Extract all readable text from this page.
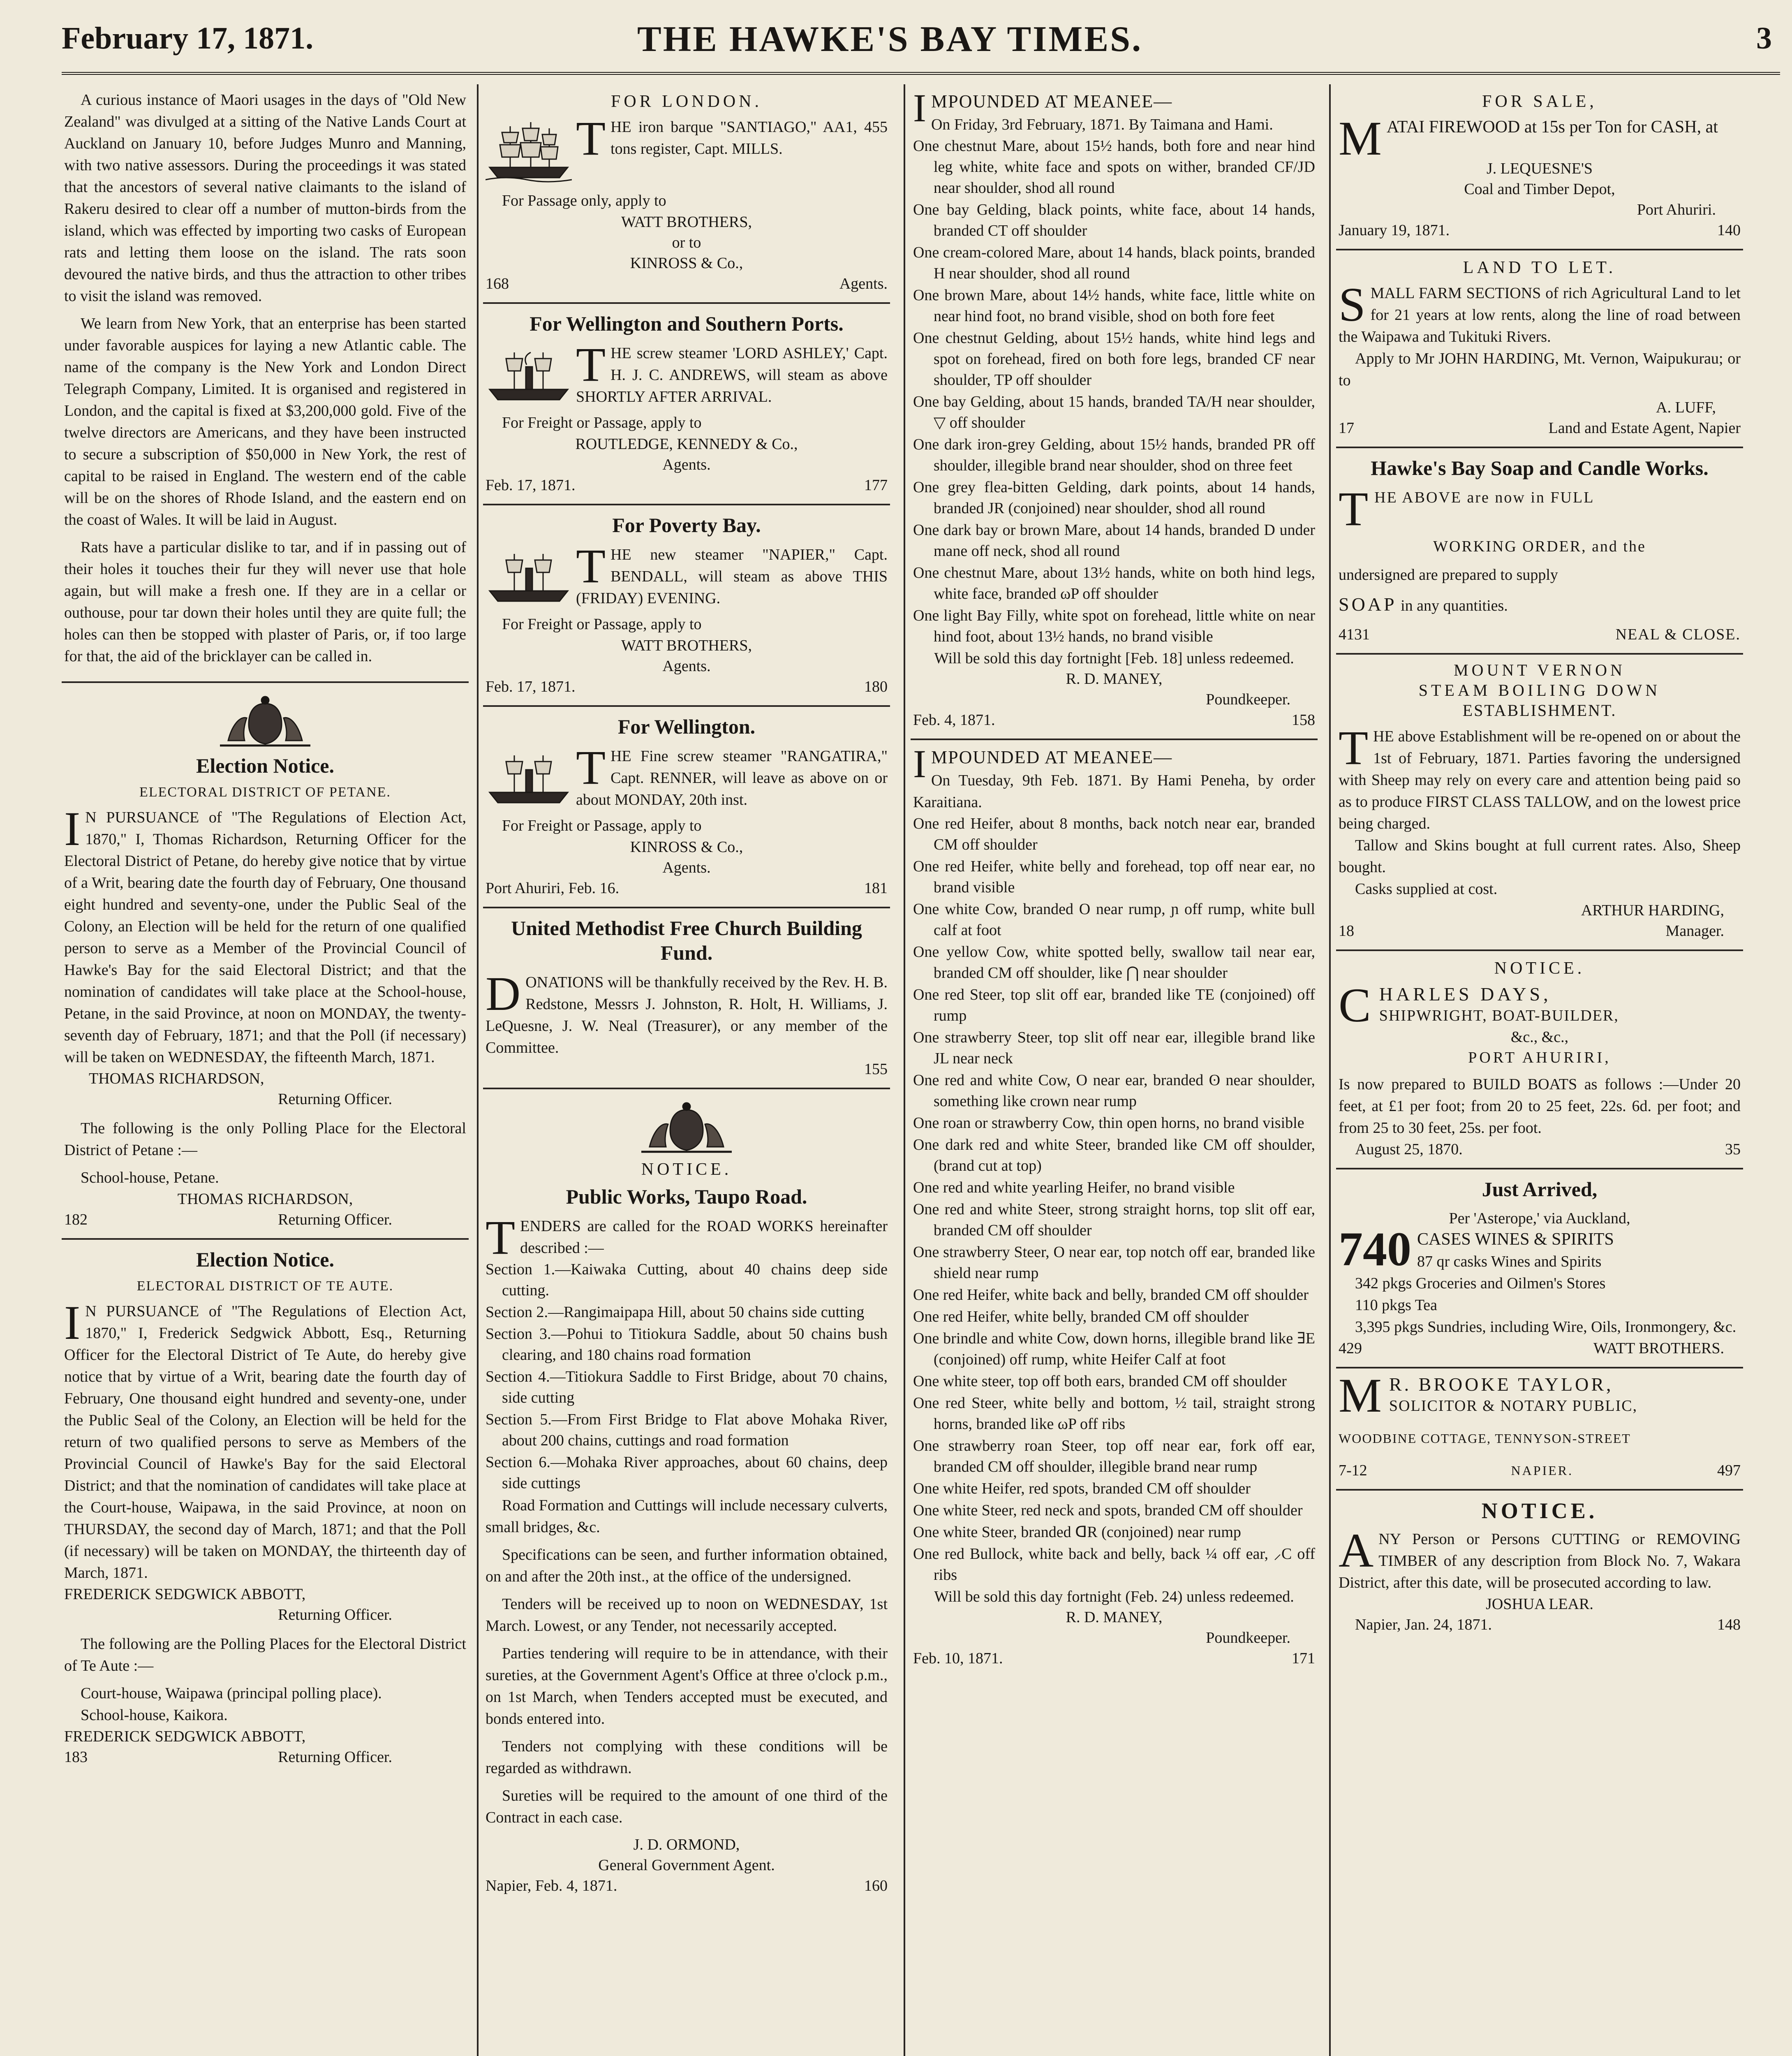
February 17, 1871.	THE HAWKE'S BAY TIMES.	3

A curious instance of Maori usages in the days of "Old New Zealand" was divulged at a sitting of the Native Lands Court at Auckland on January 10, before Judges Munro and Manning, with two native assessors. During the proceedings it was stated that the ancestors of several native claimants to the island of Rakeru desired to clear off a number of mutton-birds from the island, which was effected by importing two casks of European rats and letting them loose on the island. The rats soon devoured the native birds, and thus the attraction to other tribes to visit the island was removed.

We learn from New York, that an enterprise has been started under favorable auspices for laying a new Atlantic cable. The name of the company is the New York and London Direct Telegraph Company, Limited. It is organised and registered in London, and the capital is fixed at $3,200,000 gold. Five of the twelve directors are Americans, and they have been instructed to secure a subscription of $50,000 in New York, the rest of capital to be raised in England. The western end of the cable will be on the shores of Rhode Island, and the eastern end on the coast of Wales. It will be laid in August.

Rats have a particular dislike to tar, and if in passing out of their holes it touches their fur they will never use that hole again, but will make a fresh one. If they are in a cellar or outhouse, pour tar down their holes until they are quite full; the holes can then be stopped with plaster of Paris, or, if too large for that, the aid of the bricklayer can be called in.

Election Notice.
ELECTORAL DISTRICT OF PETANE.
I N PURSUANCE of "The Regulations of Election Act, 1870," I, Thomas Richardson, Returning Officer for the Electoral District of Petane, do hereby give notice that by virtue of a Writ, bearing date the fourth day of February, One thousand eight hundred and seventy-one, under the Public Seal of the Colony, an Election will be held for the return of one qualified person to serve as a Member of the Provincial Council of Hawke's Bay for the said Electoral District; and that the nomination of candidates will take place at the School-house, Petane, in the said Province, at noon on MONDAY, the twenty-seventh day of February, 1871; and that the Poll (if necessary) will be taken on WEDNESDAY, the fifteenth March, 1871.
THOMAS RICHARDSON,
Returning Officer.
The following is the only Polling Place for the Electoral District of Petane :—
School-house, Petane.
THOMAS RICHARDSON,
182	Returning Officer.
Election Notice.
ELECTORAL DISTRICT OF TE AUTE.
I N PURSUANCE of "The Regulations of Election Act, 1870," I, Frederick Sedgwick Abbott, Esq., Returning Officer for the Electoral District of Te Aute, do hereby give notice that by virtue of a Writ, bearing date the fourth day of February, One thousand eight hundred and seventy-one, under the Public Seal of the Colony, an Election will be held for the return of two qualified persons to serve as Members of the Provincial Council of Hawke's Bay for the said Electoral District; and that the nomination of candidates will take place at the Court-house, Waipawa, in the said Province, at noon on THURSDAY, the second day of March, 1871; and that the Poll (if necessary) will be taken on MONDAY, the thirteenth day of March, 1871.
FREDERICK SEDGWICK ABBOTT,
Returning Officer.
The following are the Polling Places for the Electoral District of Te Aute :—
Court-house, Waipawa (principal polling place).
School-house, Kaikora.
FREDERICK SEDGWICK ABBOTT,
183	Returning Officer.
FOR LONDON.
THE iron barque "SANTIAGO," AA1, 455 tons register, Capt. MILLS.
For Passage only, apply to
WATT BROTHERS,
or to
KINROSS & Co.,
168	Agents.
For Wellington and Southern Ports.
THE screw steamer 'LORD ASHLEY,' Capt. H. J. C. ANDREWS, will steam as above SHORTLY AFTER ARRIVAL.
For Freight or Passage, apply to
ROUTLEDGE, KENNEDY & Co.,
Agents.
Feb. 17, 1871.	177
For Poverty Bay.
THE new steamer "NAPIER," Capt. BENDALL, will steam as above THIS (FRIDAY) EVENING.
For Freight or Passage, apply to
WATT BROTHERS,
Agents.
Feb. 17, 1871.	180
For Wellington.
THE Fine screw steamer "RANGATIRA," Capt. RENNER, will leave as above on or about MONDAY, 20th inst.
For Freight or Passage, apply to
KINROSS & Co.,
Agents.
Port Ahuriri, Feb. 16.	181
United Methodist Free Church Building Fund.
DONATIONS will be thankfully received by the Rev. H. B. Redstone, Messrs J. Johnston, R. Holt, H. Williams, J. LeQuesne, J. W. Neal (Treasurer), or any member of the Committee.
155
NOTICE.
Public Works, Taupo Road.
TENDERS are called for the ROAD WORKS hereinafter described :—
Section 1.—Kaiwaka Cutting, about 40 chains deep side cutting.
Section 2.—Rangimaipapa Hill, about 50 chains side cutting
Section 3.—Pohui to Titiokura Saddle, about 50 chains bush clearing, and 180 chains road formation
Section 4.—Titiokura Saddle to First Bridge, about 70 chains, side cutting
Section 5.—From First Bridge to Flat above Mohaka River, about 200 chains, cuttings and road formation
Section 6.—Mohaka River approaches, about 60 chains, deep side cuttings

Road Formation and Cuttings will include necessary culverts, small bridges, &c.

Specifications can be seen, and further information obtained, on and after the 20th inst., at the office of the undersigned.

Tenders will be received up to noon on WEDNESDAY, 1st March. Lowest, or any Tender, not necessarily accepted.

Parties tendering will require to be in attendance, with their sureties, at the Government Agent's Office at three o'clock p.m., on 1st March, when Tenders accepted must be executed, and bonds entered into.

Tenders not complying with these conditions will be regarded as withdrawn.

Sureties will be required to the amount of one third of the Contract in each case.

J. D. ORMOND,
General Government Agent.
Napier, Feb. 4, 1871.	160
IMPOUNDED AT MEANEE—
On Friday, 3rd February, 1871. By Taimana and Hami.
One chestnut Mare, about 15½ hands, both fore and near hind leg white, white face and spots on wither, branded CF/JD near shoulder, shod all round
One bay Gelding, black points, white face, about 14 hands, branded CT off shoulder
One cream-colored Mare, about 14 hands, black points, branded H near shoulder, shod all round
One brown Mare, about 14½ hands, white face, little white on near hind foot, no brand visible, shod on both fore feet
One chestnut Gelding, about 15½ hands, white hind legs and spot on forehead, fired on both fore legs, branded CF near shoulder, TP off shoulder
One bay Gelding, about 15 hands, branded TA/H near shoulder, ▽ off shoulder
One dark iron-grey Gelding, about 15½ hands, branded PR off shoulder, illegible brand near shoulder, shod on three feet
One grey flea-bitten Gelding, dark points, about 14 hands, branded JR (conjoined) near shoulder, shod all round
One dark bay or brown Mare, about 14 hands, branded D under mane off neck, shod all round
One chestnut Mare, about 13½ hands, white on both hind legs, white face, branded ωP off shoulder
One light Bay Filly, white spot on forehead, little white on near hind foot, about 13½ hands, no brand visible
Will be sold this day fortnight [Feb. 18] unless redeemed.
R. D. MANEY,
Poundkeeper.
Feb. 4, 1871.	158
IMPOUNDED AT MEANEE—
On Tuesday, 9th Feb. 1871. By Hami Peneha, by order Karaitiana.
One red Heifer, about 8 months, back notch near ear, branded CM off shoulder
One red Heifer, white belly and forehead, top off near ear, no brand visible
One white Cow, branded O near rump, ɲ off rump, white bull calf at foot
One yellow Cow, white spotted belly, swallow tail near ear, branded CM off shoulder, like ⋂ near shoulder
One red Steer, top slit off ear, branded like TE (conjoined) off rump
One strawberry Steer, top slit off near ear, illegible brand like JL near neck
One red and white Cow, O near ear, branded ʘ near shoulder, something like crown near rump
One roan or strawberry Cow, thin open horns, no brand visible
One dark red and white Steer, branded like CM off shoulder, (brand cut at top)
One red and white yearling Heifer, no brand visible
One red and white Steer, strong straight horns, top slit off ear, branded CM off shoulder
One strawberry Steer, O near ear, top notch off ear, branded like shield near rump
One red Heifer, white back and belly, branded CM off shoulder
One red Heifer, white belly, branded CM off shoulder
One brindle and white Cow, down horns, illegible brand like ∃E (conjoined) off rump, white Heifer Calf at foot
One white steer, top off both ears, branded CM off shoulder
One red Steer, white belly and bottom, ½ tail, straight strong horns, branded like ωP off ribs
One strawberry roan Steer, top off near ear, fork off ear, branded CM off shoulder, illegible brand near rump
One white Heifer, red spots, branded CM off shoulder
One white Steer, red neck and spots, branded CM off shoulder
One white Steer, branded ᗡR (conjoined) near rump
One red Bullock, white back and belly, back ¼ off ear, ⸝C off ribs
Will be sold this day fortnight (Feb. 24) unless redeemed.
R. D. MANEY,
Poundkeeper.
Feb. 10, 1871.	171
FOR SALE,
MATAI FIREWOOD at 15s per Ton for CASH, at
J. LEQUESNE'S
Coal and Timber Depot,
Port Ahuriri.
January 19, 1871.	140
LAND TO LET.
SMALL FARM SECTIONS of rich Agricultural Land to let for 21 years at low rents, along the line of road between the Waipawa and Tukituki Rivers.

Apply to Mr JOHN HARDING, Mt. Vernon, Waipukurau; or to

A. LUFF,
17	Land and Estate Agent, Napier
Hawke's Bay Soap and Candle Works.
THE ABOVE are now in FULL
WORKING ORDER, and the
undersigned are prepared to supply
SOAP in any quantities.
4131	NEAL & CLOSE.
MOUNT VERNON
STEAM BOILING DOWN
ESTABLISHMENT.
THE above Establishment will be re-opened on or about the 1st of February, 1871. Parties favoring the undersigned with Sheep may rely on every care and attention being paid so as to produce FIRST CLASS TALLOW, and on the lowest price being charged.

Tallow and Skins bought at full current rates. Also, Sheep bought.

Casks supplied at cost.

ARTHUR HARDING,
18	Manager.
NOTICE.
CHARLES DAYS,
SHIPWRIGHT, BOAT-BUILDER,
&c., &c.,
PORT AHURIRI,
Is now prepared to BUILD BOATS as follows :—Under 20 feet, at £1 per foot; from 20 to 25 feet, 22s. 6d. per foot; and from 25 to 30 feet, 25s. per foot.
August 25, 1870.	35
Just Arrived,
Per 'Asterope,' via Auckland,
740 CASES WINES & SPIRITS
87 qr casks Wines and Spirits
342 pkgs Groceries and Oilmen's Stores
110 pkgs Tea
3,395 pkgs Sundries, including Wire, Oils, Ironmongery, &c.
429	WATT BROTHERS.
M R. BROOKE TAYLOR,
SOLICITOR & NOTARY PUBLIC,
WOODBINE COTTAGE, TENNYSON-STREET
7-12	NAPIER.	497
NOTICE.
ANY Person or Persons CUTTING or REMOVING TIMBER of any description from Block No. 7, Wakara District, after this date, will be prosecuted according to law.
JOSHUA LEAR.
Napier, Jan. 24, 1871.	148
